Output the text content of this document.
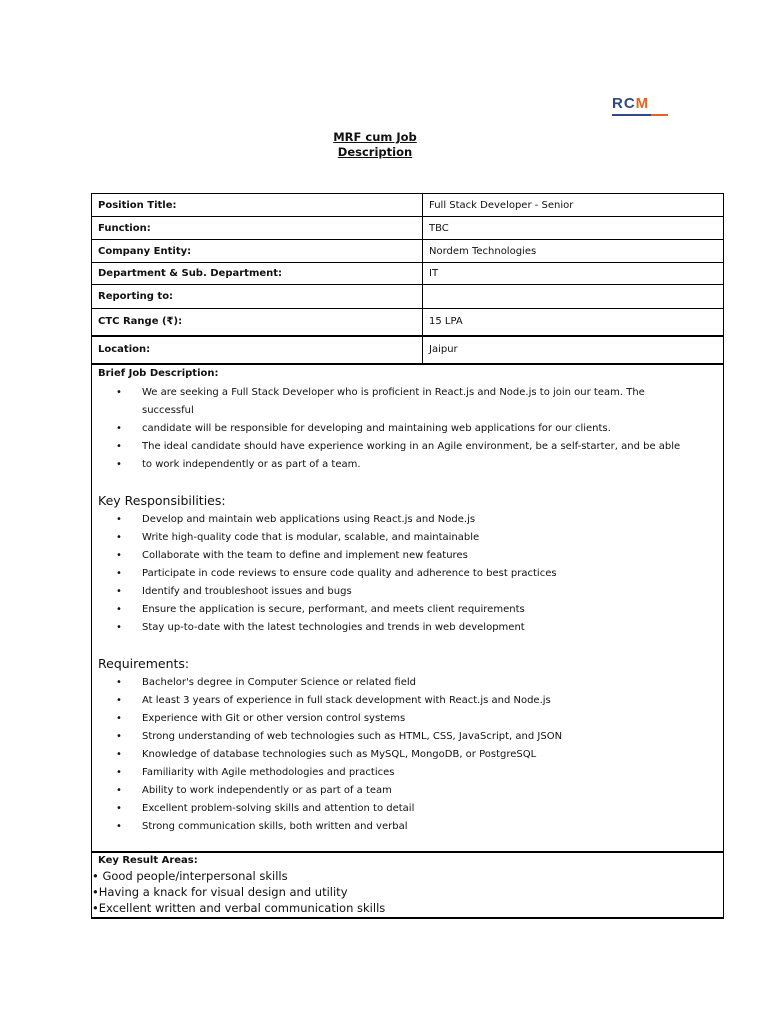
RCM
MRF cum Job
Description
Position Title:	Full Stack Developer - Senior
Function:	TBC
Company Entity:	Nordem Technologies
Department & Sub. Department:	IT
Reporting to:	
CTC Range (₹):	15 LPA
Location:	Jaipur
Brief Job Description:
• We are seeking a Full Stack Developer who is proficient in React.js and Node.js to join our team. The
successful
• candidate will be responsible for developing and maintaining web applications for our clients.
• The ideal candidate should have experience working in an Agile environment, be a self-starter, and be able
• to work independently or as part of a team.
Key Responsibilities:
• Develop and maintain web applications using React.js and Node.js
• Write high-quality code that is modular, scalable, and maintainable
• Collaborate with the team to define and implement new features
• Participate in code reviews to ensure code quality and adherence to best practices
• Identify and troubleshoot issues and bugs
• Ensure the application is secure, performant, and meets client requirements
• Stay up-to-date with the latest technologies and trends in web development
Requirements:
• Bachelor's degree in Computer Science or related field
• At least 3 years of experience in full stack development with React.js and Node.js
• Experience with Git or other version control systems
• Strong understanding of web technologies such as HTML, CSS, JavaScript, and JSON
• Knowledge of database technologies such as MySQL, MongoDB, or PostgreSQL
• Familiarity with Agile methodologies and practices
• Ability to work independently or as part of a team
• Excellent problem-solving skills and attention to detail
• Strong communication skills, both written and verbal
Key Result Areas:
• Good people/interpersonal skills
•Having a knack for visual design and utility
•Excellent written and verbal communication skills
